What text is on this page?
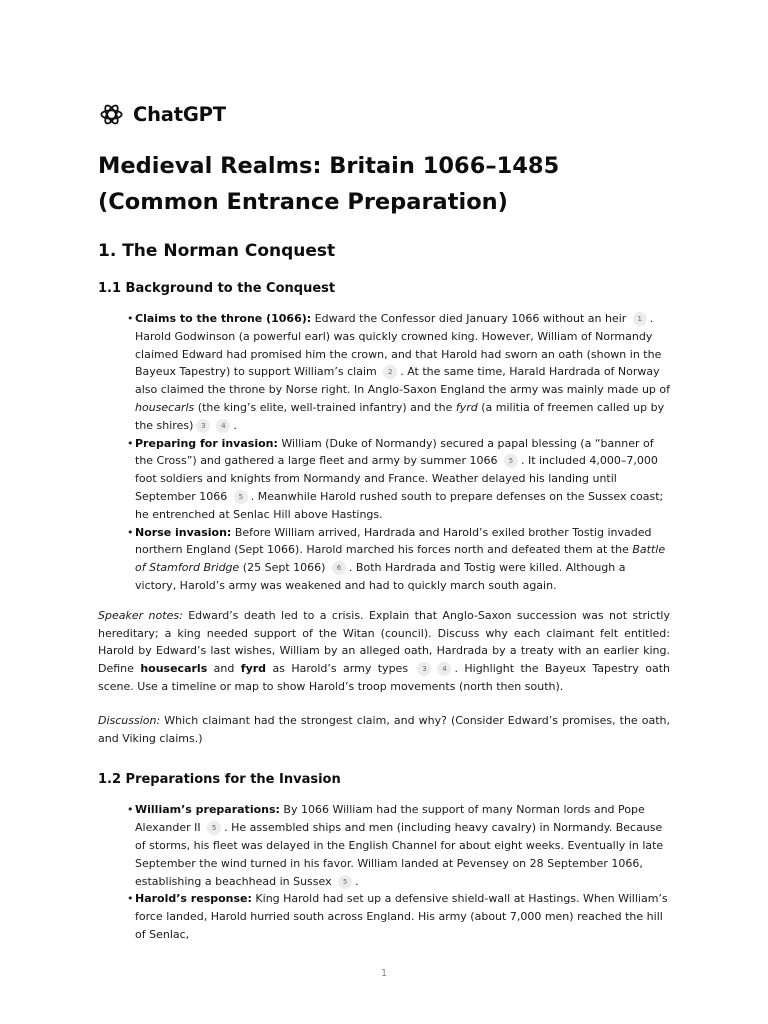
ChatGPT
Medieval Realms: Britain 1066–1485 (Common Entrance Preparation)
1. The Norman Conquest
1.1 Background to the Conquest
• Claims to the throne (1066): Edward the Confessor died January 1066 without an heir 1 . Harold Godwinson (a powerful earl) was quickly crowned king. However, William of Normandy claimed Edward had promised him the crown, and that Harold had sworn an oath (shown in the Bayeux Tapestry) to support William’s claim 2 . At the same time, Harald Hardrada of Norway also claimed the throne by Norse right. In Anglo-Saxon England the army was mainly made up of housecarls (the king’s elite, well-trained infantry) and the fyrd (a militia of freemen called up by the shires) 3 4 .
• Preparing for invasion: William (Duke of Normandy) secured a papal blessing (a “banner of the Cross”) and gathered a large fleet and army by summer 1066 5 . It included 4,000–7,000 foot soldiers and knights from Normandy and France. Weather delayed his landing until September 1066 5 . Meanwhile Harold rushed south to prepare defenses on the Sussex coast; he entrenched at Senlac Hill above Hastings.
• Norse invasion: Before William arrived, Hardrada and Harold’s exiled brother Tostig invaded northern England (Sept 1066). Harold marched his forces north and defeated them at the Battle of Stamford Bridge (25 Sept 1066) 6 . Both Hardrada and Tostig were killed. Although a victory, Harold’s army was weakened and had to quickly march south again.

Speaker notes: Edward’s death led to a crisis. Explain that Anglo-Saxon succession was not strictly hereditary; a king needed support of the Witan (council). Discuss why each claimant felt entitled: Harold by Edward’s last wishes, William by an alleged oath, Hardrada by a treaty with an earlier king. Define housecarls and fyrd as Harold’s army types 3 4 . Highlight the Bayeux Tapestry oath scene. Use a timeline or map to show Harold’s troop movements (north then south).

Discussion: Which claimant had the strongest claim, and why? (Consider Edward’s promises, the oath, and Viking claims.)

1.2 Preparations for the Invasion
• William’s preparations: By 1066 William had the support of many Norman lords and Pope Alexander II 5 . He assembled ships and men (including heavy cavalry) in Normandy. Because of storms, his fleet was delayed in the English Channel for about eight weeks. Eventually in late September the wind turned in his favor. William landed at Pevensey on 28 September 1066, establishing a beachhead in Sussex 5 .
• Harold’s response: King Harold had set up a defensive shield-wall at Hastings. When William’s force landed, Harold hurried south across England. His army (about 7,000 men) reached the hill of Senlac,
1
